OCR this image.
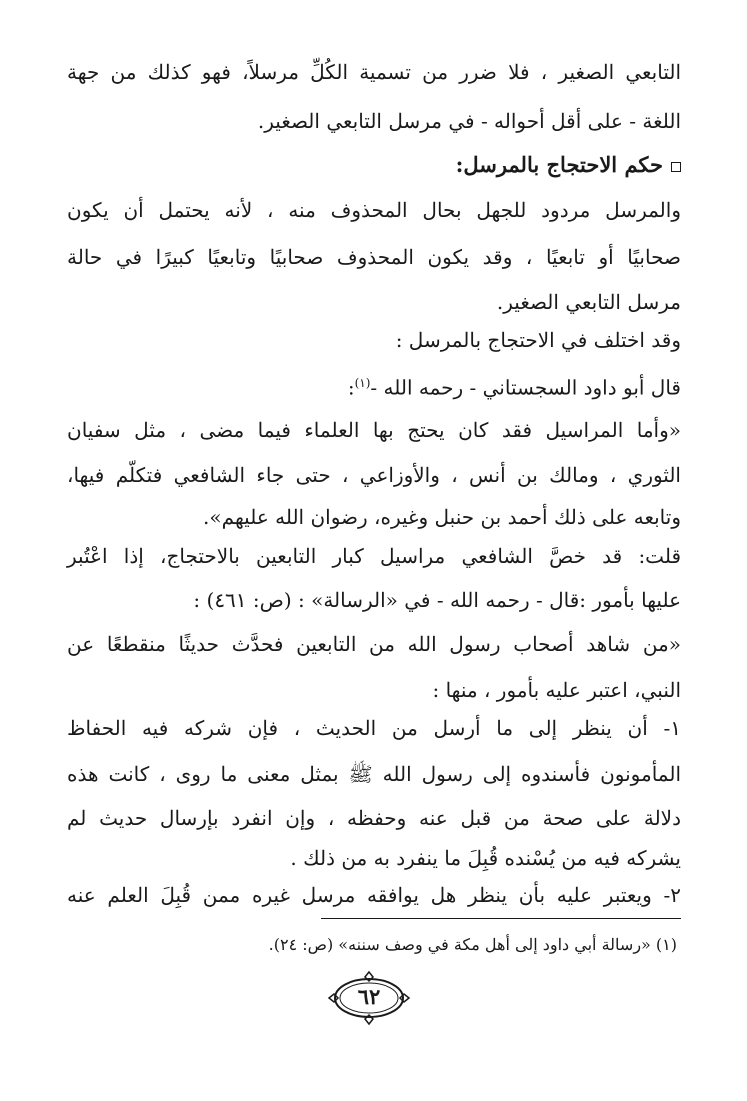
التابعي الصغير ، فلا ضرر من تسمية الكُلِّ مرسلاً، فهو كذلك من جهة
اللغة - على أقل أحواله - في مرسل التابعي الصغير.
حكم الاحتجاج بالمرسل:
والمرسل مردود للجهل بحال المحذوف منه ، لأنه يحتمل أن يكون
صحابيًا أو تابعيًا ، وقد يكون المحذوف صحابيًا وتابعيًا كبيرًا في حالة
مرسل التابعي الصغير.
وقد اختلف في الاحتجاج بالمرسل :
قال أبو داود السجستاني - رحمه الله -$^{(١)}$:
«وأما المراسيل فقد كان يحتج بها العلماء فيما مضى ، مثل سفيان
الثوري ، ومالك بن أنس ، والأوزاعي ، حتى جاء الشافعي فتكلّم فيها،
وتابعه على ذلك أحمد بن حنبل وغيره، رضوان الله عليهم».
قلت: قد خصَّ الشافعي مراسيل كبار التابعين بالاحتجاج، إذا اعْتُبر
عليها بأمور :قال - رحمه الله - في «الرسالة» : (ص: ٤٦١) :
«من شاهد أصحاب رسول الله من التابعين فحدَّث حديثًا منقطعًا عن
النبي، اعتبر عليه بأمور ، منها :
١- أن ينظر إلى ما أرسل من الحديث ، فإن شركه فيه الحفاظ
المأمونون فأسندوه إلى رسول الله ﷺ بمثل معنى ما روى ، كانت هذه
دلالة على صحة من قبل عنه وحفظه ، وإن انفرد بإرسال حديث لم
يشركه فيه من يُسْنده قُبِلَ ما ينفرد به من ذلك .
٢- ويعتبر عليه بأن ينظر هل يوافقه مرسل غيره ممن قُبِلَ العلم عنه
(١) «رسالة أبي داود إلى أهل مكة في وصف سننه» (ص: ٢٤).
٦٢
